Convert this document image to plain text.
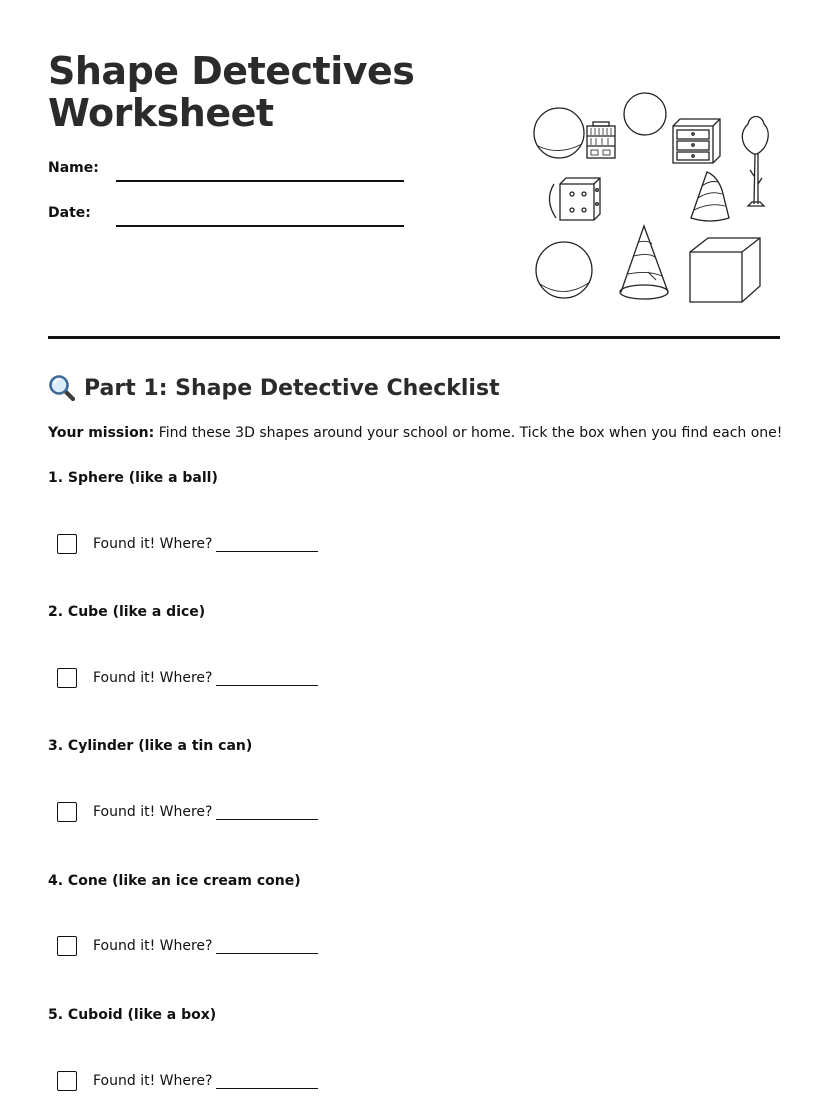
Shape Detectives
Worksheet
Name:
Date:
Part 1: Shape Detective Checklist

Your mission: Find these 3D shapes around your school or home. Tick the box when you find each one!

1. Sphere (like a ball)
Found it! Where?
2. Cube (like a dice)
Found it! Where?
3. Cylinder (like a tin can)
Found it! Where?
4. Cone (like an ice cream cone)
Found it! Where?
5. Cuboid (like a box)
Found it! Where?
